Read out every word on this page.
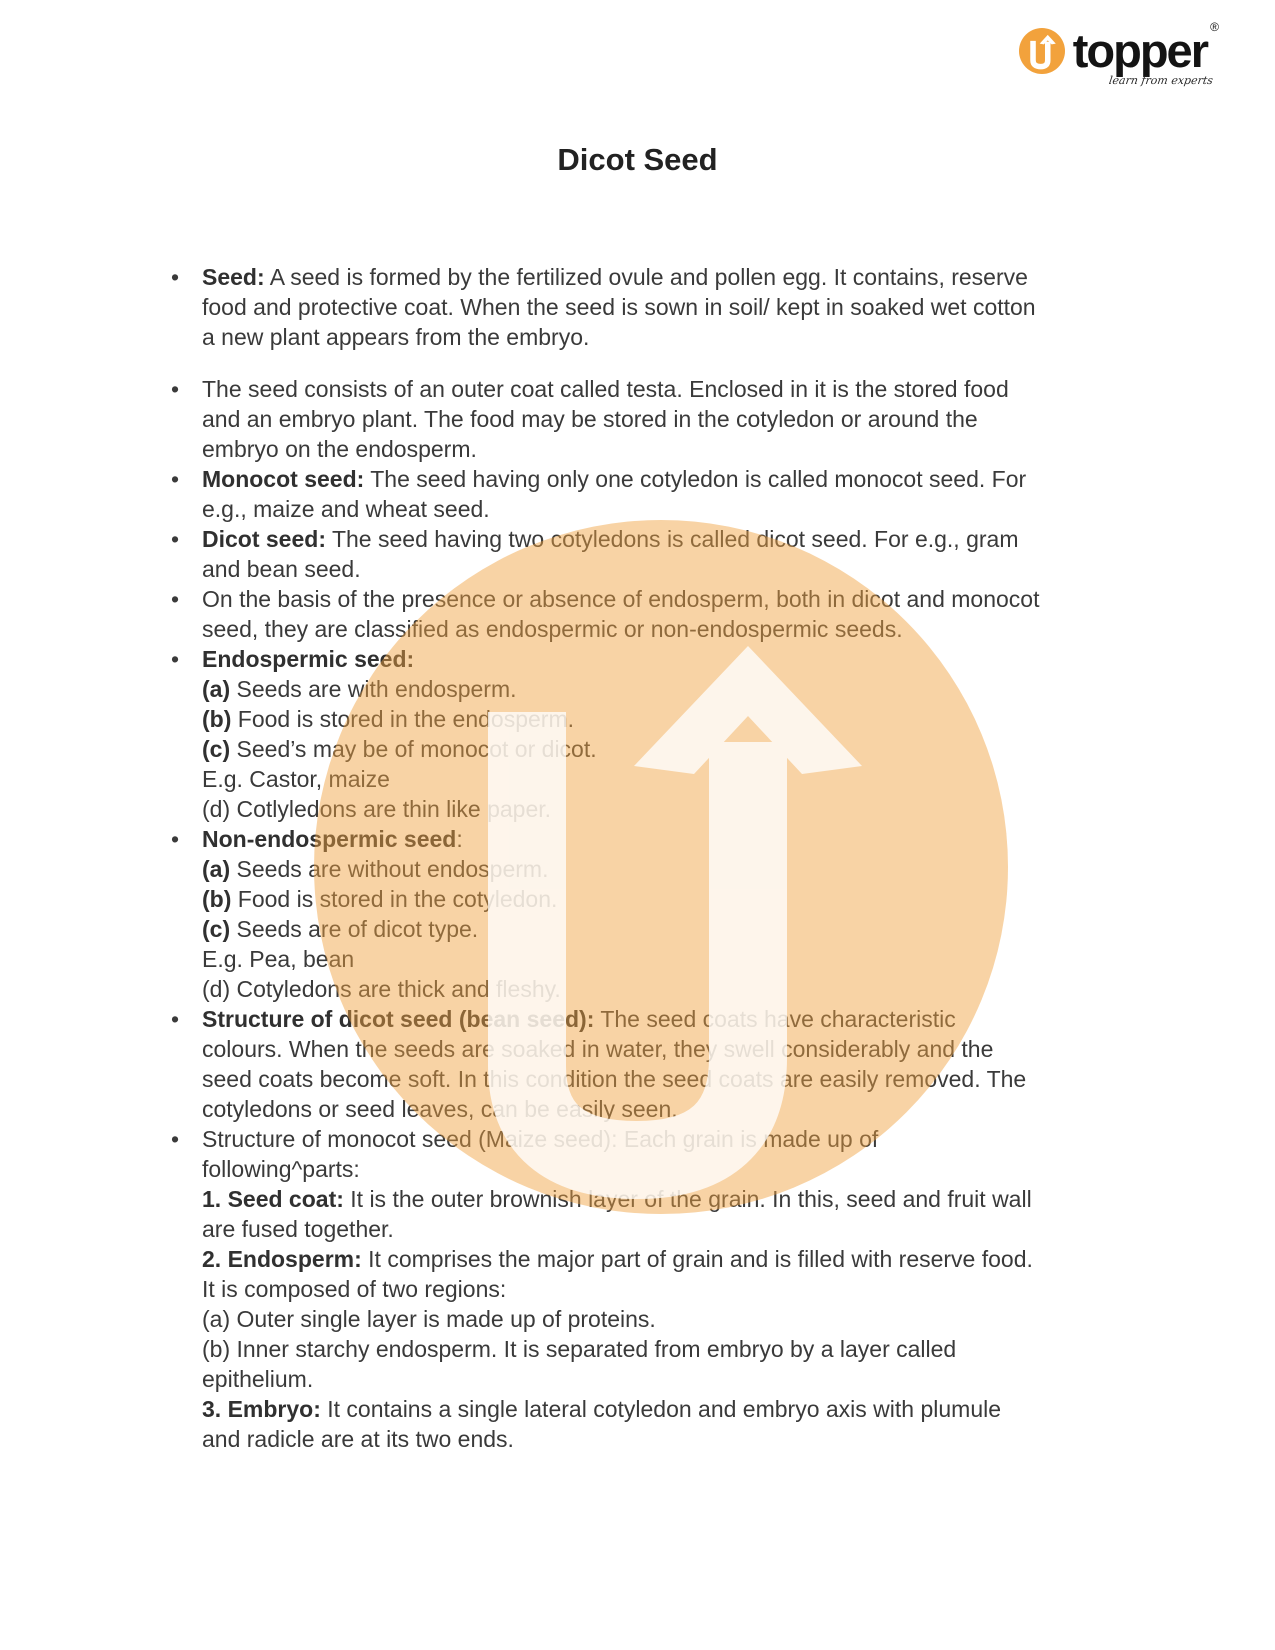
topper ®
learn from experts
Dicot Seed
• Seed: A seed is formed by the fertilized ovule and pollen egg. It contains, reserve
food and protective coat. When the seed is sown in soil/ kept in soaked wet cotton
a new plant appears from the embryo.
• The seed consists of an outer coat called testa. Enclosed in it is the stored food
and an embryo plant. The food may be stored in the cotyledon or around the
embryo on the endosperm.
• Monocot seed: The seed having only one cotyledon is called monocot seed. For
e.g., maize and wheat seed.
• Dicot seed: The seed having two cotyledons is called dicot seed. For e.g., gram
and bean seed.
• On the basis of the presence or absence of endosperm, both in dicot and monocot
seed, they are classified as endospermic or non-endospermic seeds.
• Endospermic seed:
(a) Seeds are with endosperm.
(b) Food is stored in the endosperm.
(c) Seed’s may be of monocot or dicot.
E.g. Castor, maize
(d) Cotlyledons are thin like paper.
• Non-endospermic seed:
(a) Seeds are without endosperm.
(b) Food is stored in the cotyledon.
(c) Seeds are of dicot type.
E.g. Pea, bean
(d) Cotyledons are thick and fleshy.
• Structure of dicot seed (bean seed): The seed coats have characteristic
colours. When the seeds are soaked in water, they swell considerably and the
seed coats become soft. In this condition the seed coats are easily removed. The
cotyledons or seed leaves, can be easily seen.
• Structure of monocot seed (Maize seed): Each grain is made up of
following^parts:
1. Seed coat: It is the outer brownish layer of the grain. In this, seed and fruit wall
are fused together.
2. Endosperm: It comprises the major part of grain and is filled with reserve food.
It is composed of two regions:
(a) Outer single layer is made up of proteins.
(b) Inner starchy endosperm. It is separated from embryo by a layer called
epithelium.
3. Embryo: It contains a single lateral cotyledon and embryo axis with plumule
and radicle are at its two ends.
